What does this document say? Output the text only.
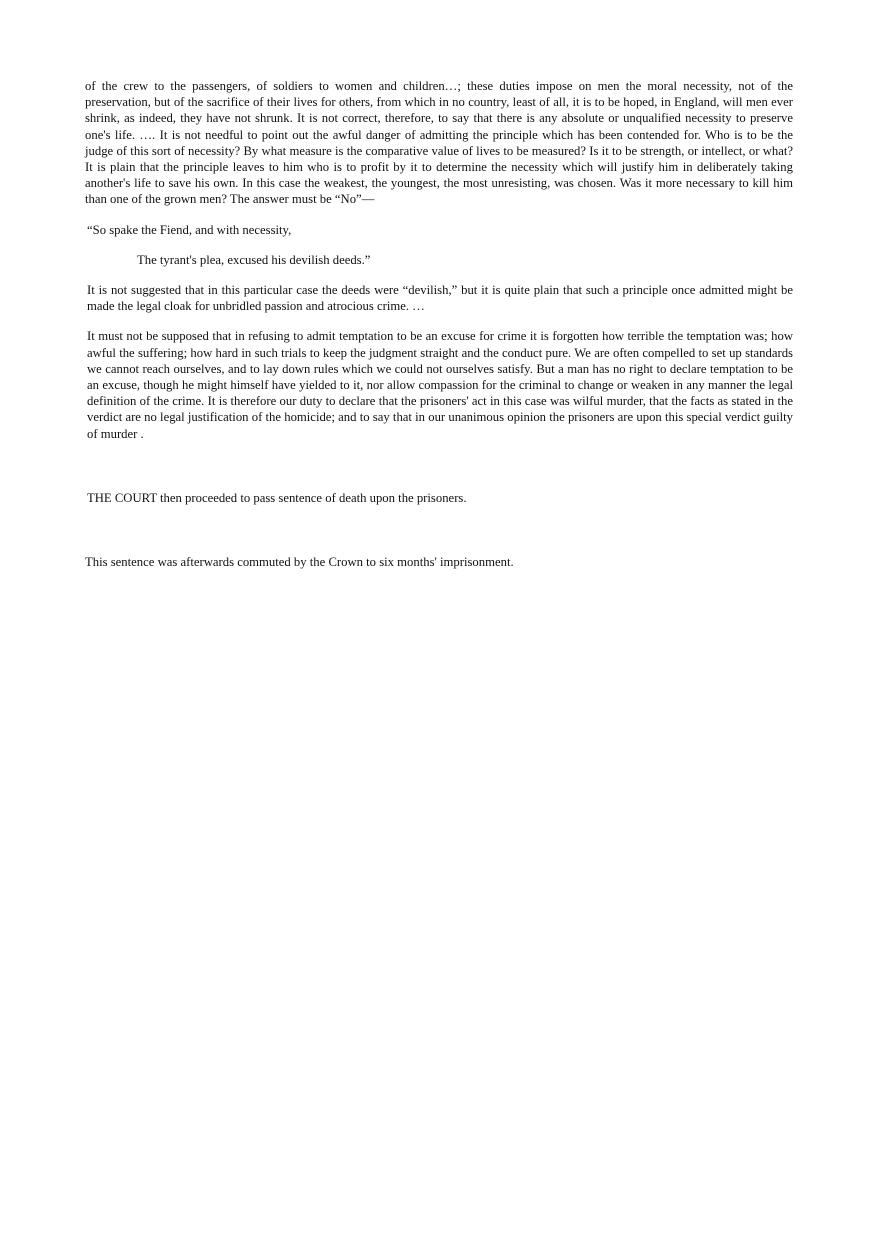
of the crew to the passengers, of soldiers to women and children…; these duties impose on men the moral necessity, not of the preservation, but of the sacrifice of their lives for others, from which in no country, least of all, it is to be hoped, in England, will men ever shrink, as indeed, they have not shrunk. It is not correct, therefore, to say that there is any absolute or unqualified necessity to preserve one's life. …. It is not needful to point out the awful danger of admitting the principle which has been contended for. Who is to be the judge of this sort of necessity? By what measure is the comparative value of lives to be measured? Is it to be strength, or intellect, or what? It is plain that the principle leaves to him who is to profit by it to determine the necessity which will justify him in deliberately taking another's life to save his own. In this case the weakest, the youngest, the most unresisting, was chosen. Was it more necessary to kill him than one of the grown men? The answer must be “No”—

“So spake the Fiend, and with necessity,

The tyrant's plea, excused his devilish deeds.”

It is not suggested that in this particular case the deeds were “devilish,” but it is quite plain that such a principle once admitted might be made the legal cloak for unbridled passion and atrocious crime. …

It must not be supposed that in refusing to admit temptation to be an excuse for crime it is forgotten how terrible the temptation was; how awful the suffering; how hard in such trials to keep the judgment straight and the conduct pure. We are often compelled to set up standards we cannot reach ourselves, and to lay down rules which we could not ourselves satisfy. But a man has no right to declare temptation to be an excuse, though he might himself have yielded to it, nor allow compassion for the criminal to change or weaken in any manner the legal definition of the crime. It is therefore our duty to declare that the prisoners' act in this case was wilful murder, that the facts as stated in the verdict are no legal justification of the homicide; and to say that in our unanimous opinion the prisoners are upon this special verdict guilty of murder .

THE COURT then proceeded to pass sentence of death upon the prisoners.

This sentence was afterwards commuted by the Crown to six months' imprisonment.
